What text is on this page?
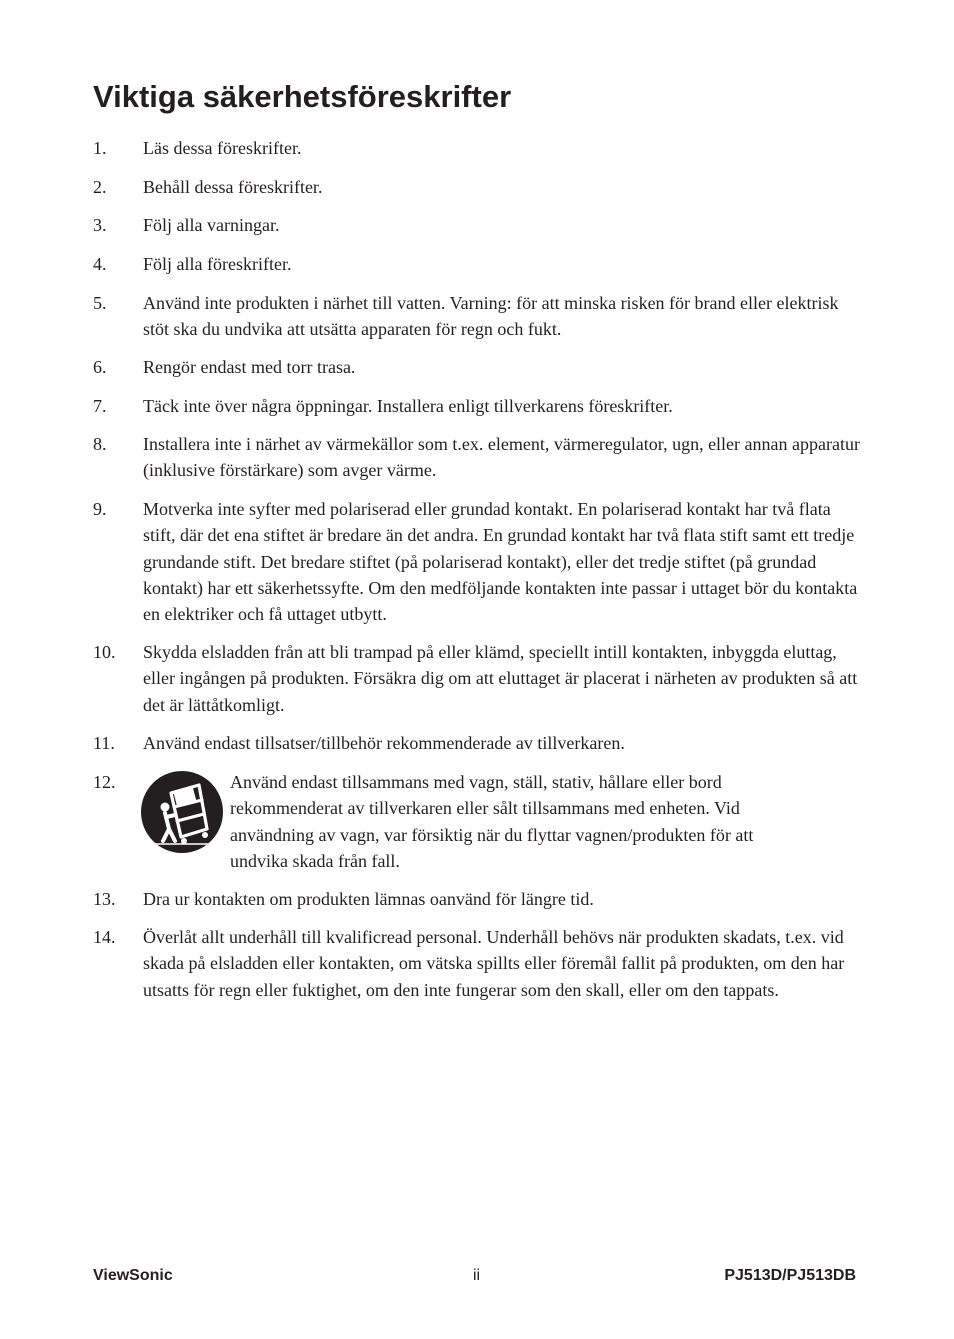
Viktiga säkerhetsföreskrifter
1. Läs dessa föreskrifter.
2. Behåll dessa föreskrifter.
3. Följ alla varningar.
4. Följ alla föreskrifter.
5. Använd inte produkten i närhet till vatten. Varning: för att minska risken för brand eller elektrisk stöt ska du undvika att utsätta apparaten för regn och fukt.
6. Rengör endast med torr trasa.
7. Täck inte över några öppningar. Installera enligt tillverkarens föreskrifter.
8. Installera inte i närhet av värmekällor som t.ex. element, värmeregulator, ugn, eller annan apparatur (inklusive förstärkare) som avger värme.
9. Motverka inte syfter med polariserad eller grundad kontakt. En polariserad kontakt har två flata stift, där det ena stiftet är bredare än det andra. En grundad kontakt har två flata stift samt ett tredje grundande stift. Det bredare stiftet (på polariserad kontakt), eller det tredje stiftet (på grundad kontakt) har ett säkerhetssyfte. Om den medföljande kontakten inte passar i uttaget bör du kontakta en elektriker och få uttaget utbytt.
10. Skydda elsladden från att bli trampad på eller klämd, speciellt intill kontakten, inbyggda eluttag, eller ingången på produkten. Försäkra dig om att eluttaget är placerat i närheten av produkten så att det är lättåtkomligt.
11. Använd endast tillsatser/tillbehör rekommenderade av tillverkaren.
12.	Använd endast tillsammans med vagn, ställ, stativ, hållare eller bord rekommenderat av tillverkaren eller sålt tillsammans med enheten. Vid användning av vagn, var försiktig när du flyttar vagnen/produkten för att undvika skada från fall.
13. Dra ur kontakten om produkten lämnas oanvänd för längre tid.
14. Överlåt allt underhåll till kvalificread personal. Underhåll behövs när produkten skadats, t.ex. vid skada på elsladden eller kontakten, om vätska spillts eller föremål fallit på produkten, om den har utsatts för regn eller fuktighet, om den inte fungerar som den skall, eller om den tappats.
ViewSonic	ii	PJ513D/PJ513DB
